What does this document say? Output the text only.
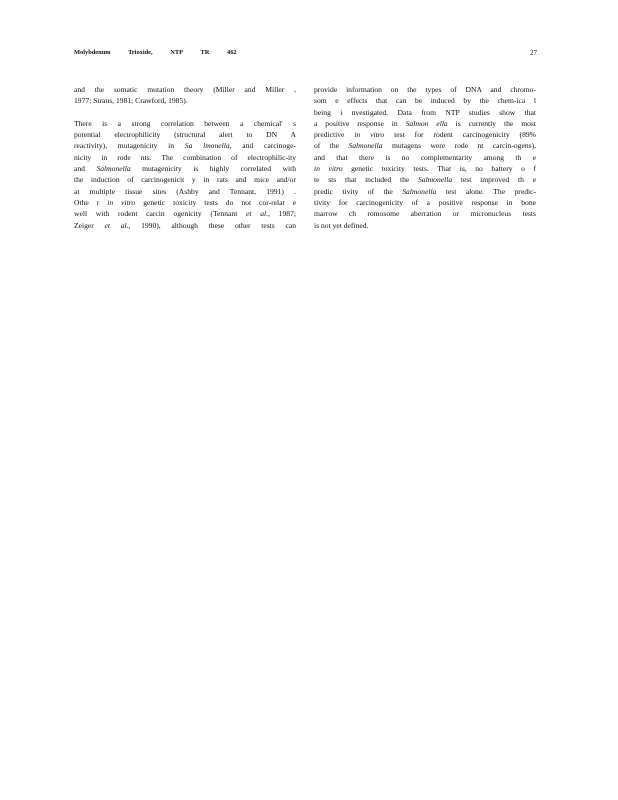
Molybdenum	Trioxide,	NTP	TR	462	27
and the somatic mutation theory (Miller and Miller ,
1977; Straus, 1981; Crawford, 1985).
There is a strong correlation between a chemical' s
potential electrophilicity (structural alert to DN A
reactivity), mutagenicity in Sa lmonella, and carcinoge-
nicity in rode nts. The combination of electrophilic-ity
and Salmonella mutagenicity is highly correlated with
the induction of carcinogenicit y in rats and mice and/or
at multiple tissue sites (Ashby and Tennant, 1991) .
Othe r in vitro genetic toxicity tests do not cor-relat e
well with rodent carcin ogenicity (Tennant et al., 1987;
Zeiger et al., 1990), although these other tests can
provide information on the types of DNA and chromo-
som e effects that can be induced by the chem-ica l
being i nvestigated. Data from NTP studies show that
a positive response in Salmon ella is currently the most
predictive in vitro test for rodent carcinogenicity (89%
of the Salmonella mutagens were rode nt carcin-ogens),
and that there is no complementarity among th e
in vitro genetic toxicity tests. That is, no battery o f
te sts that included the Salmonella test improved th e
predic tivity of the Salmonella test alone. The predic-
tivity for carcinogenicity of a positive response in bone
marrow ch romosome aberration or micronucleus tests
is not yet defined.
